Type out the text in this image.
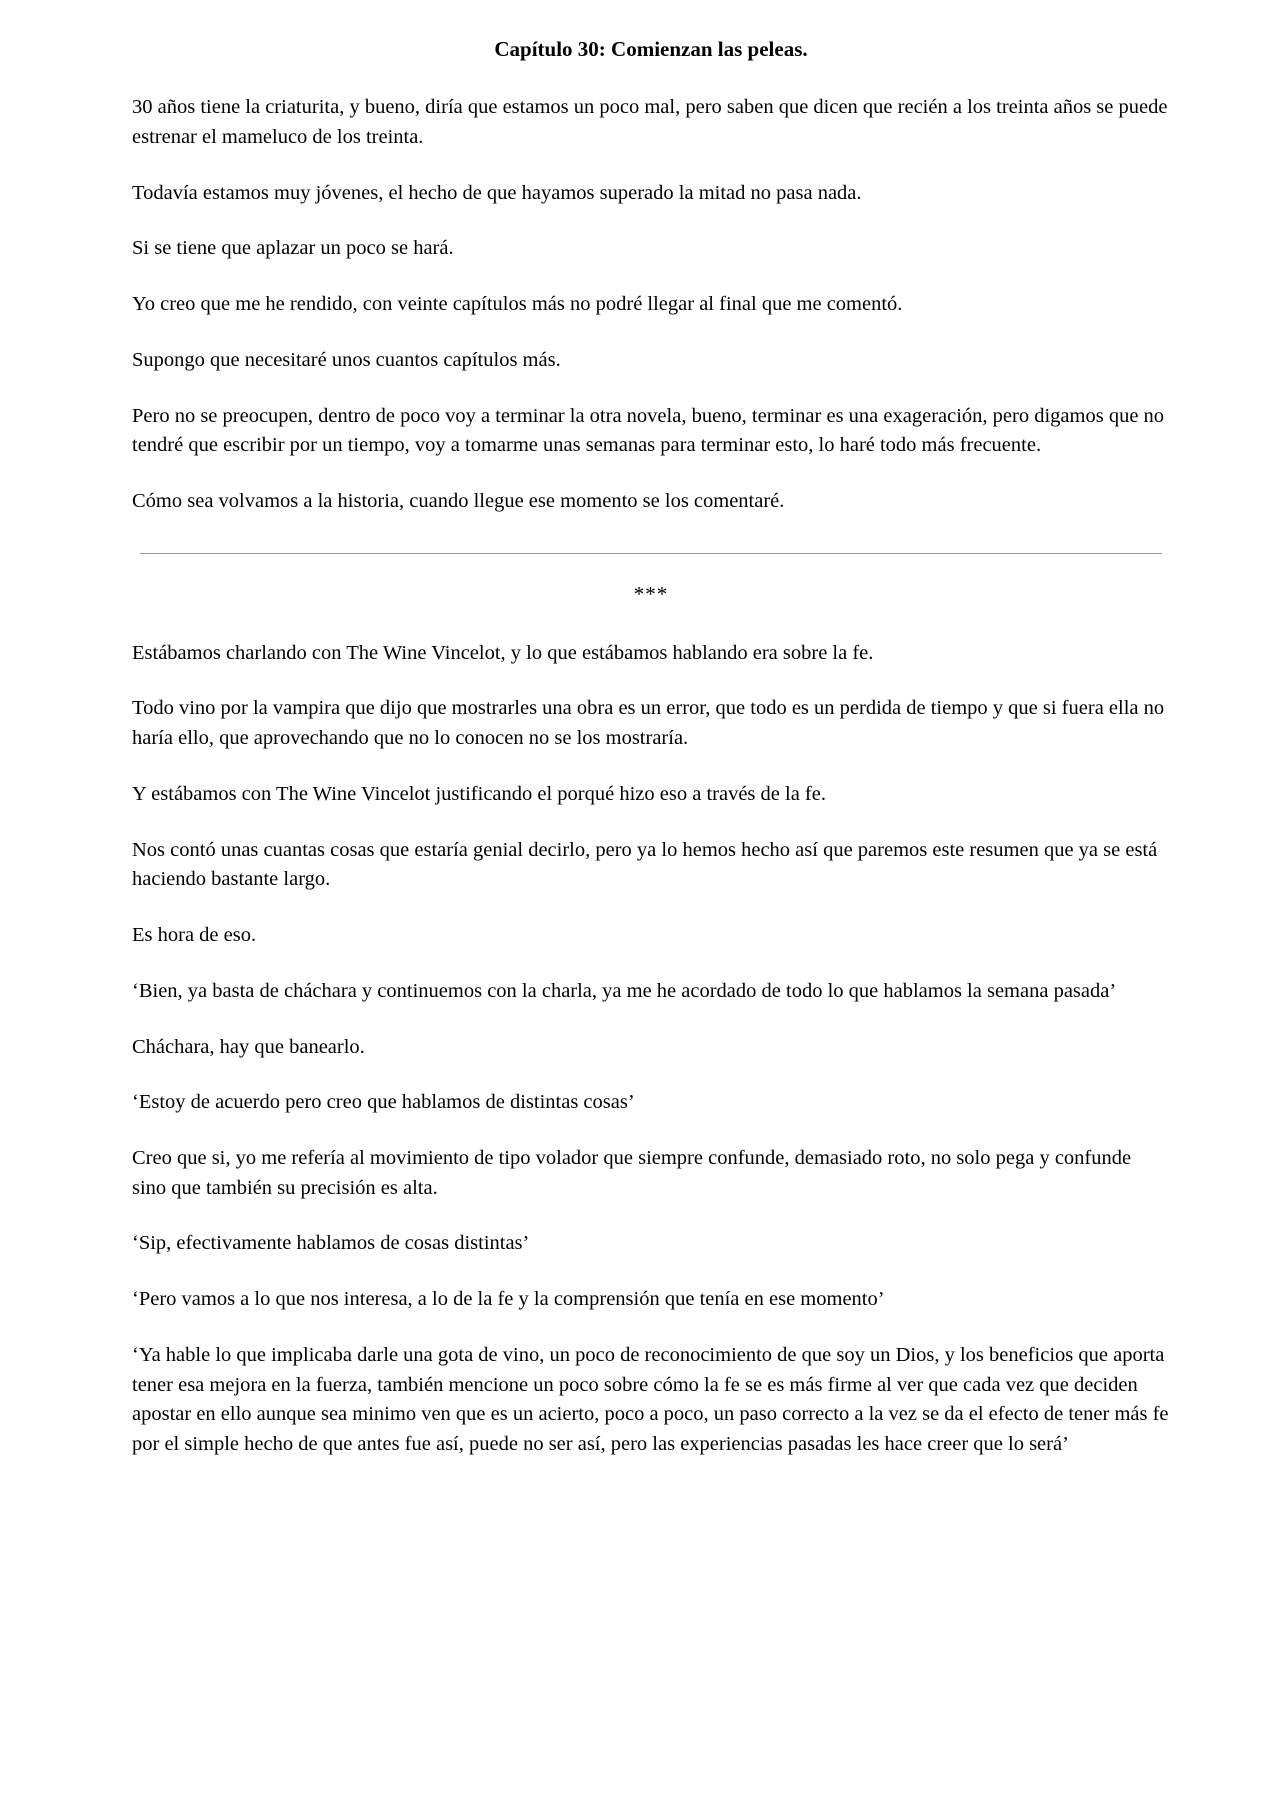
Capítulo 30: Comienzan las peleas.

30 años tiene la criaturita, y bueno, diría que estamos un poco mal, pero saben que dicen que recién a los treinta años se puede estrenar el mameluco de los treinta.

Todavía estamos muy jóvenes, el hecho de que hayamos superado la mitad no pasa nada.

Si se tiene que aplazar un poco se hará.

Yo creo que me he rendido, con veinte capítulos más no podré llegar al final que me comentó.

Supongo que necesitaré unos cuantos capítulos más.

Pero no se preocupen, dentro de poco voy a terminar la otra novela, bueno, terminar es una exageración, pero digamos que no tendré que escribir por un tiempo, voy a tomarme unas semanas para terminar esto, lo haré todo más frecuente.

Cómo sea volvamos a la historia, cuando llegue ese momento se los comentaré.

***

Estábamos charlando con The Wine Vincelot, y lo que estábamos hablando era sobre la fe.

Todo vino por la vampira que dijo que mostrarles una obra es un error, que todo es un perdida de tiempo y que si fuera ella no haría ello, que aprovechando que no lo conocen no se los mostraría.

Y estábamos con The Wine Vincelot justificando el porqué hizo eso a través de la fe.

Nos contó unas cuantas cosas que estaría genial decirlo, pero ya lo hemos hecho así que paremos este resumen que ya se está haciendo bastante largo.

Es hora de eso.

‘Bien, ya basta de cháchara y continuemos con la charla, ya me he acordado de todo lo que hablamos la semana pasada’

Cháchara, hay que banearlo.

‘Estoy de acuerdo pero creo que hablamos de distintas cosas’

Creo que si, yo me refería al movimiento de tipo volador que siempre confunde, demasiado roto, no solo pega y confunde sino que también su precisión es alta.

‘Sip, efectivamente hablamos de cosas distintas’

‘Pero vamos a lo que nos interesa, a lo de la fe y la comprensión que tenía en ese momento’

‘Ya hable lo que implicaba darle una gota de vino, un poco de reconocimiento de que soy un Dios, y los beneficios que aporta tener esa mejora en la fuerza, también mencione un poco sobre cómo la fe se es más firme al ver que cada vez que deciden apostar en ello aunque sea minimo ven que es un acierto, poco a poco, un paso correcto a la vez se da el efecto de tener más fe por el simple hecho de que antes fue así, puede no ser así, pero las experiencias pasadas les hace creer que lo será’
